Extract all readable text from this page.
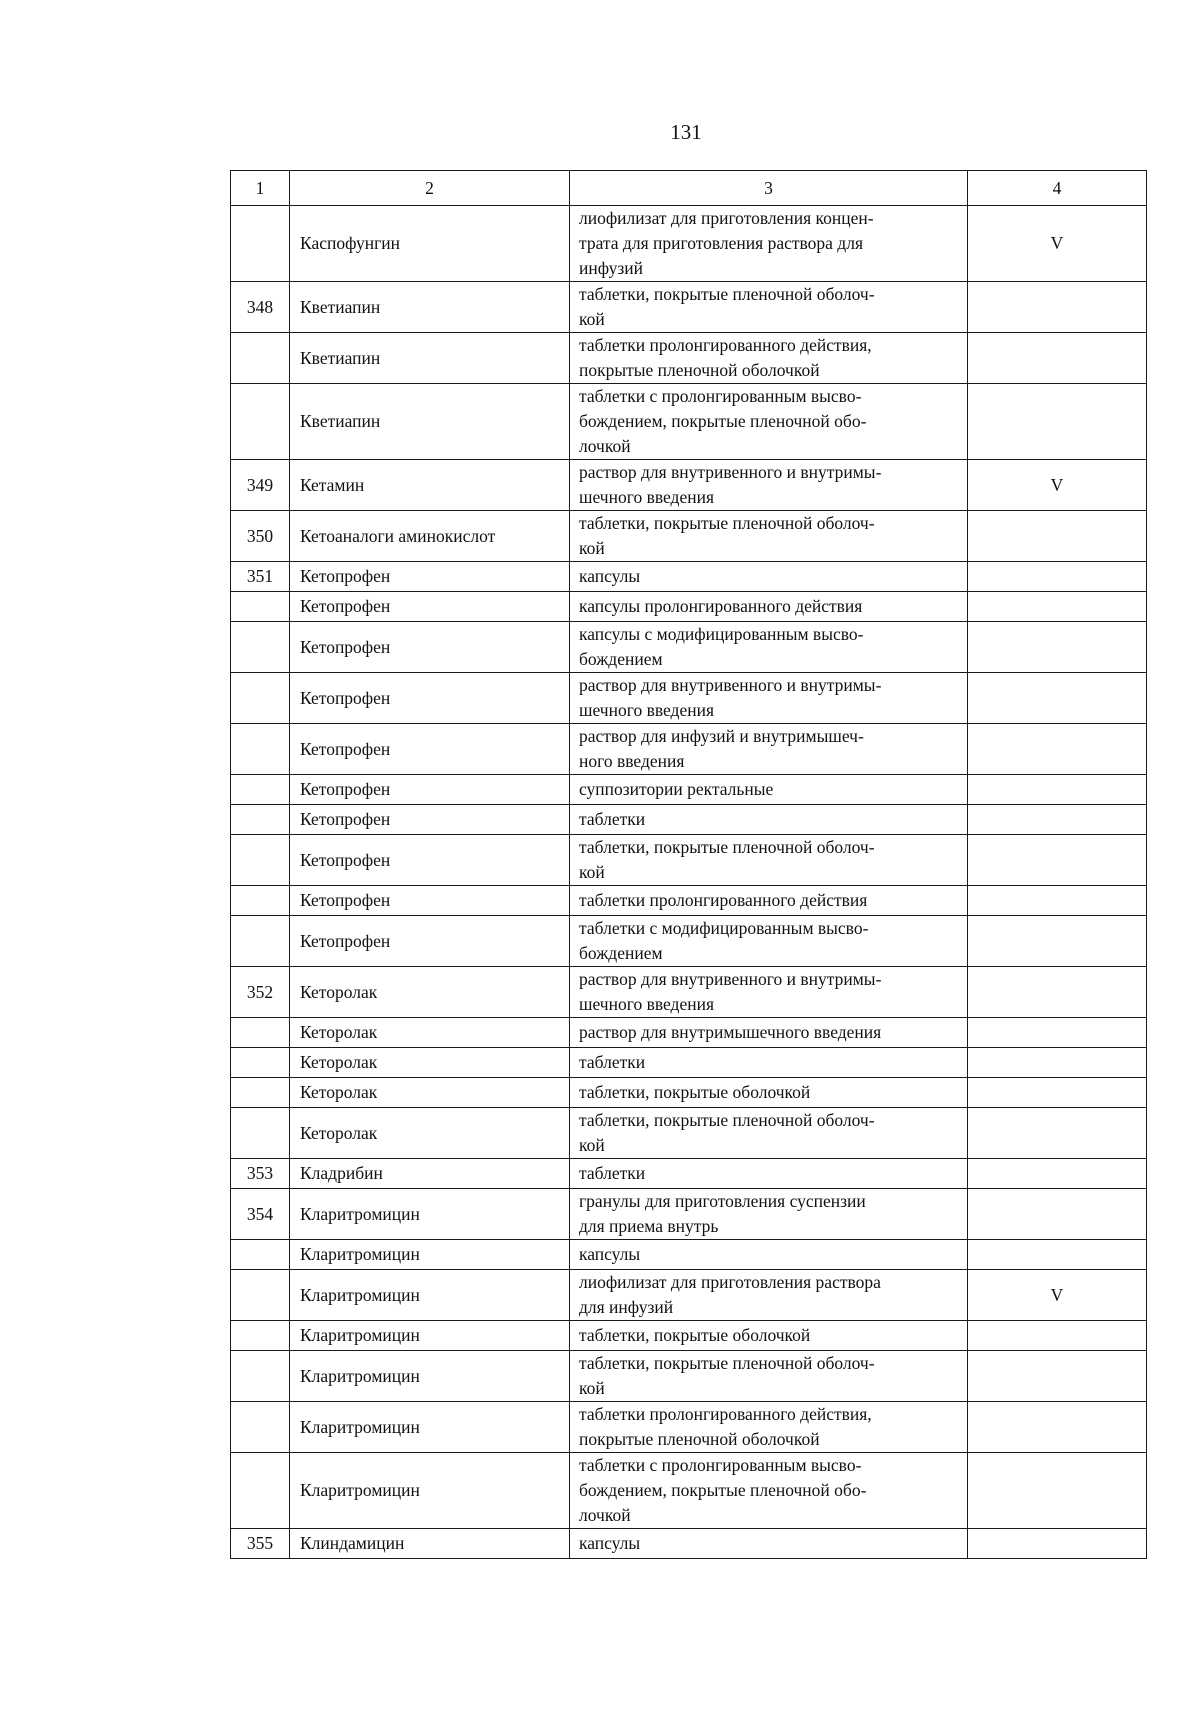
131
1	2	3	4
	Каспофунгин	лиофилизат для приготовления концен-
трата для приготовления раствора для
инфузий	V
348	Кветиапин	таблетки, покрытые пленочной оболоч-
кой	

	Кветиапин	таблетки пролонгированного действия,
покрытые пленочной оболочкой	

	Кветиапин	таблетки с пролонгированным высво-
бождением, покрытые пленочной обо-
лочкой	

349	Кетамин	раствор для внутривенного и внутримы-
шечного введения	V
350	Кетоаналоги аминокислот	таблетки, покрытые пленочной оболоч-
кой	

351	Кетопрофен	капсулы	

	Кетопрофен	капсулы пролонгированного действия	

	Кетопрофен	капсулы с модифицированным высво-
бождением	

	Кетопрофен	раствор для внутривенного и внутримы-
шечного введения	

	Кетопрофен	раствор для инфузий и внутримышеч-
ного введения	

	Кетопрофен	суппозитории ректальные	

	Кетопрофен	таблетки	

	Кетопрофен	таблетки, покрытые пленочной оболоч-
кой	

	Кетопрофен	таблетки пролонгированного действия	

	Кетопрофен	таблетки с модифицированным высво-
бождением	

352	Кеторолак	раствор для внутривенного и внутримы-
шечного введения	

	Кеторолак	раствор для внутримышечного введения	

	Кеторолак	таблетки	

	Кеторолак	таблетки, покрытые оболочкой	

	Кеторолак	таблетки, покрытые пленочной оболоч-
кой	

353	Кладрибин	таблетки	

354	Кларитромицин	гранулы для приготовления суспензии
для приема внутрь	

	Кларитромицин	капсулы	

	Кларитромицин	лиофилизат для приготовления раствора
для инфузий	V
	Кларитромицин	таблетки, покрытые оболочкой	

	Кларитромицин	таблетки, покрытые пленочной оболоч-
кой	

	Кларитромицин	таблетки пролонгированного действия,
покрытые пленочной оболочкой	

	Кларитромицин	таблетки с пролонгированным высво-
бождением, покрытые пленочной обо-
лочкой	

355	Клиндамицин	капсулы	
